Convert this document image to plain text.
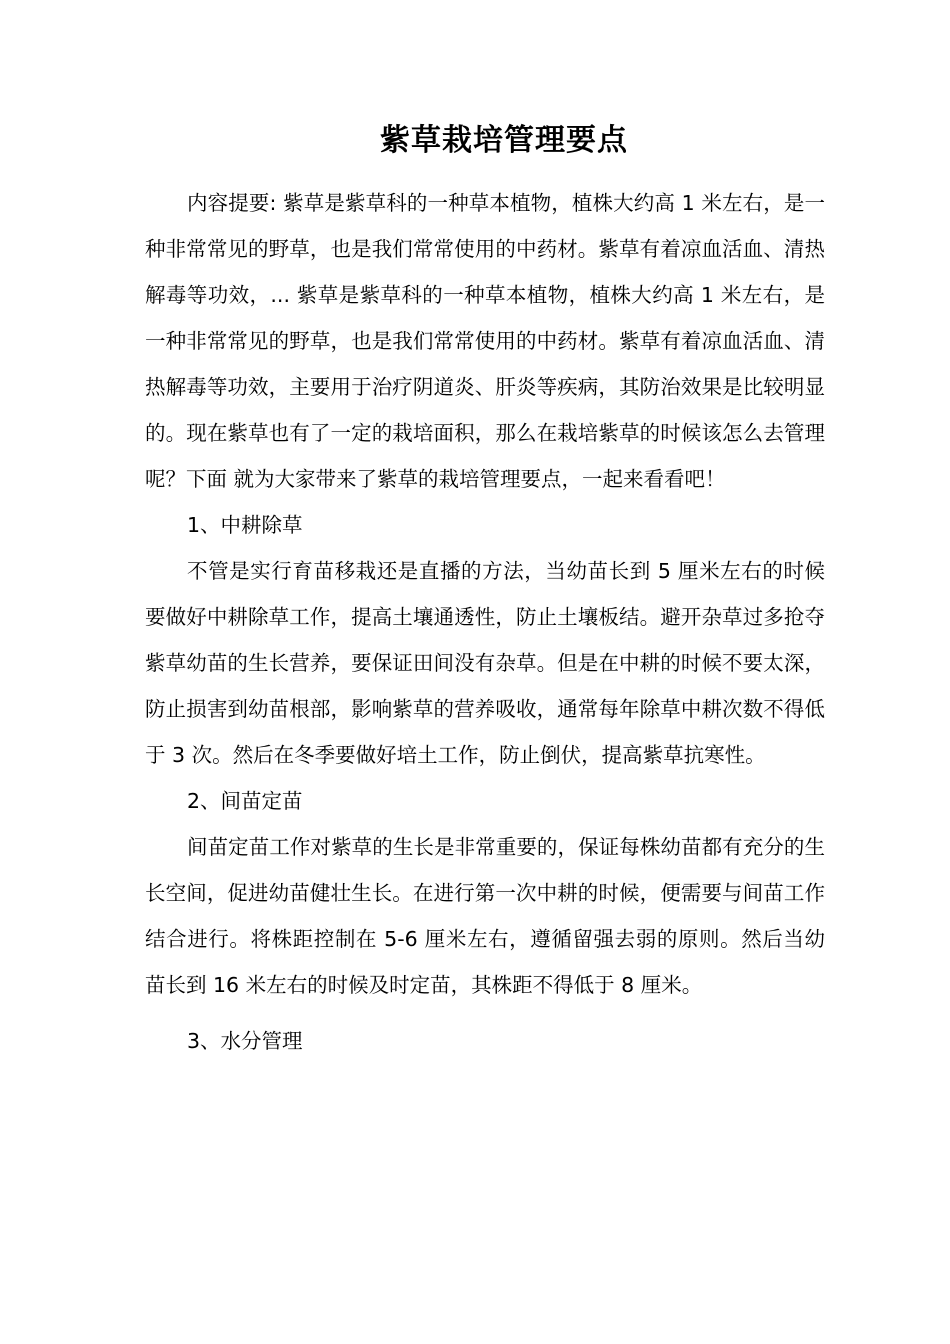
紫草栽培管理要点

内容提要: 紫草是紫草科的一种草本植物，植株大约高 1 米左右，是一种非常常见的野草，也是我们常常使用的中药材。紫草有着凉血活血、清热解毒等功效，... 紫草是紫草科的一种草本植物，植株大约高 1 米左右，是一种非常常见的野草，也是我们常常使用的中药材。紫草有着凉血活血、清热解毒等功效，主要用于治疗阴道炎、肝炎等疾病，其防治效果是比较明显的。现在紫草也有了一定的栽培面积，那么在栽培紫草的时候该怎么去管理呢？下面 就为大家带来了紫草的栽培管理要点，一起来看看吧！

1、中耕除草

不管是实行育苗移栽还是直播的方法，当幼苗长到 5 厘米左右的时候要做好中耕除草工作，提高土壤通透性，防止土壤板结。避开杂草过多抢夺紫草幼苗的生长营养，要保证田间没有杂草。但是在中耕的时候不要太深，防止损害到幼苗根部，影响紫草的营养吸收，通常每年除草中耕次数不得低于 3 次。然后在冬季要做好培土工作，防止倒伏，提高紫草抗寒性。

2、间苗定苗

间苗定苗工作对紫草的生长是非常重要的，保证每株幼苗都有充分的生长空间，促进幼苗健壮生长。在进行第一次中耕的时候，便需要与间苗工作结合进行。将株距控制在 5-6 厘米左右，遵循留强去弱的原则。然后当幼苗长到 16 米左右的时候及时定苗，其株距不得低于 8 厘米。

3、水分管理
